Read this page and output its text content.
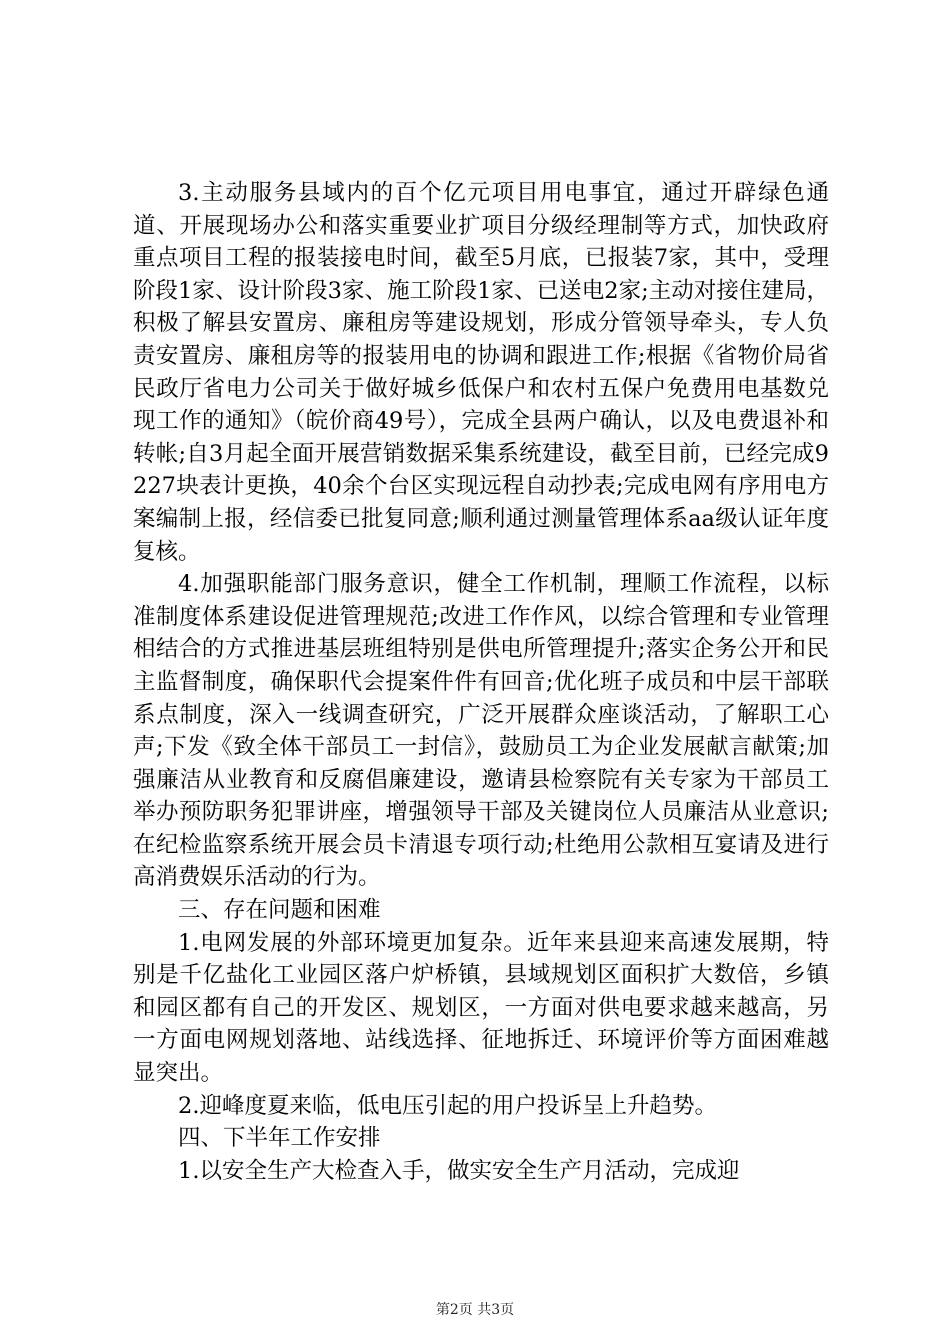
3.主动服务县域内的百个亿元项目用电事宜，通过开辟绿色通道、开展现场办公和落实重要业扩项目分级经理制等方式，加快政府重点项目工程的报装接电时间，截至5月底，已报装7家，其中，受理阶段1家、设计阶段3家、施工阶段1家、已送电2家;主动对接住建局，积极了解县安置房、廉租房等建设规划，形成分管领导牵头，专人负责安置房、廉租房等的报装用电的协调和跟进工作;根据《省物价局省民政厅省电力公司关于做好城乡低保户和农村五保户免费用电基数兑现工作的通知》（皖价商49号），完成全县两户确认，以及电费退补和转帐;自3月起全面开展营销数据采集系统建设，截至目前，已经完成9227块表计更换，40余个台区实现远程自动抄表;完成电网有序用电方案编制上报，经信委已批复同意;顺利通过测量管理体系aa级认证年度复核。

4.加强职能部门服务意识，健全工作机制，理顺工作流程，以标准制度体系建设促进管理规范;改进工作作风，以综合管理和专业管理相结合的方式推进基层班组特别是供电所管理提升;落实企务公开和民主监督制度，确保职代会提案件件有回音;优化班子成员和中层干部联系点制度，深入一线调查研究，广泛开展群众座谈活动，了解职工心声;下发《致全体干部员工一封信》，鼓励员工为企业发展献言献策;加强廉洁从业教育和反腐倡廉建设，邀请县检察院有关专家为干部员工举办预防职务犯罪讲座，增强领导干部及关键岗位人员廉洁从业意识;在纪检监察系统开展会员卡清退专项行动;杜绝用公款相互宴请及进行高消费娱乐活动的行为。

三、存在问题和困难

1.电网发展的外部环境更加复杂。近年来县迎来高速发展期，特别是千亿盐化工业园区落户炉桥镇，县域规划区面积扩大数倍，乡镇和园区都有自己的开发区、规划区，一方面对供电要求越来越高，另一方面电网规划落地、站线选择、征地拆迁、环境评价等方面困难越显突出。

2.迎峰度夏来临，低电压引起的用户投诉呈上升趋势。

四、下半年工作安排

1.以安全生产大检查入手，做实安全生产月活动，完成迎

第2页 共3页
